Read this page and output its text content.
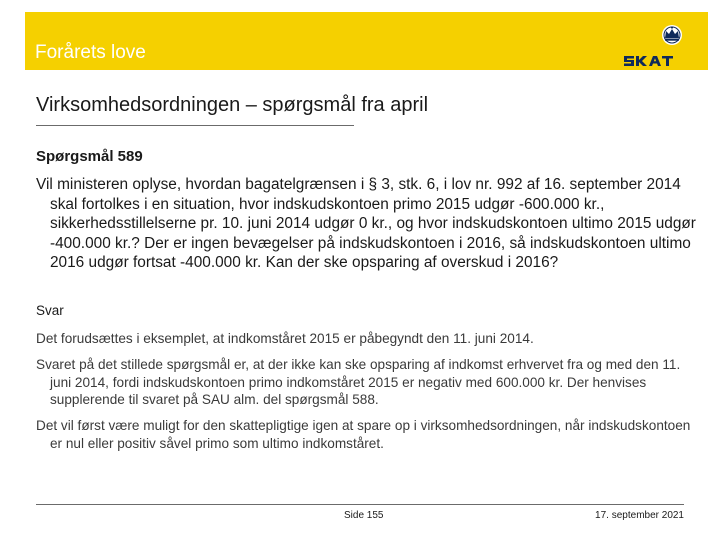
Forårets love
Virksomhedsordningen – spørgsmål fra april
Spørgsmål 589
Vil ministeren oplyse, hvordan bagatelgrænsen i § 3, stk. 6, i lov nr. 992 af 16. september 2014 skal fortolkes i en situation, hvor indskudskontoen primo 2015 udgør -600.000 kr., sikkerhedsstillelserne pr. 10. juni 2014 udgør 0 kr., og hvor indskudskontoen ultimo 2015 udgør -400.000 kr.? Der er ingen bevægelser på indskudskontoen i 2016, så indskudskontoen ultimo 2016 udgør fortsat -400.000 kr. Kan der ske opsparing af overskud i 2016?
Svar
Det forudsættes i eksemplet, at indkomståret 2015 er påbegyndt den 11. juni 2014.
Svaret på det stillede spørgsmål er, at der ikke kan ske opsparing af indkomst erhvervet fra og med den 11. juni 2014, fordi indskudskontoen primo indkomståret 2015 er negativ med 600.000 kr. Der henvises supplerende til svaret på SAU alm. del spørgsmål 588.
Det vil først være muligt for den skattepligtige igen at spare op i virksomhedsordningen, når indskudskontoen er nul eller positiv såvel primo som ultimo indkomståret.
Side 155	17. september 2021
